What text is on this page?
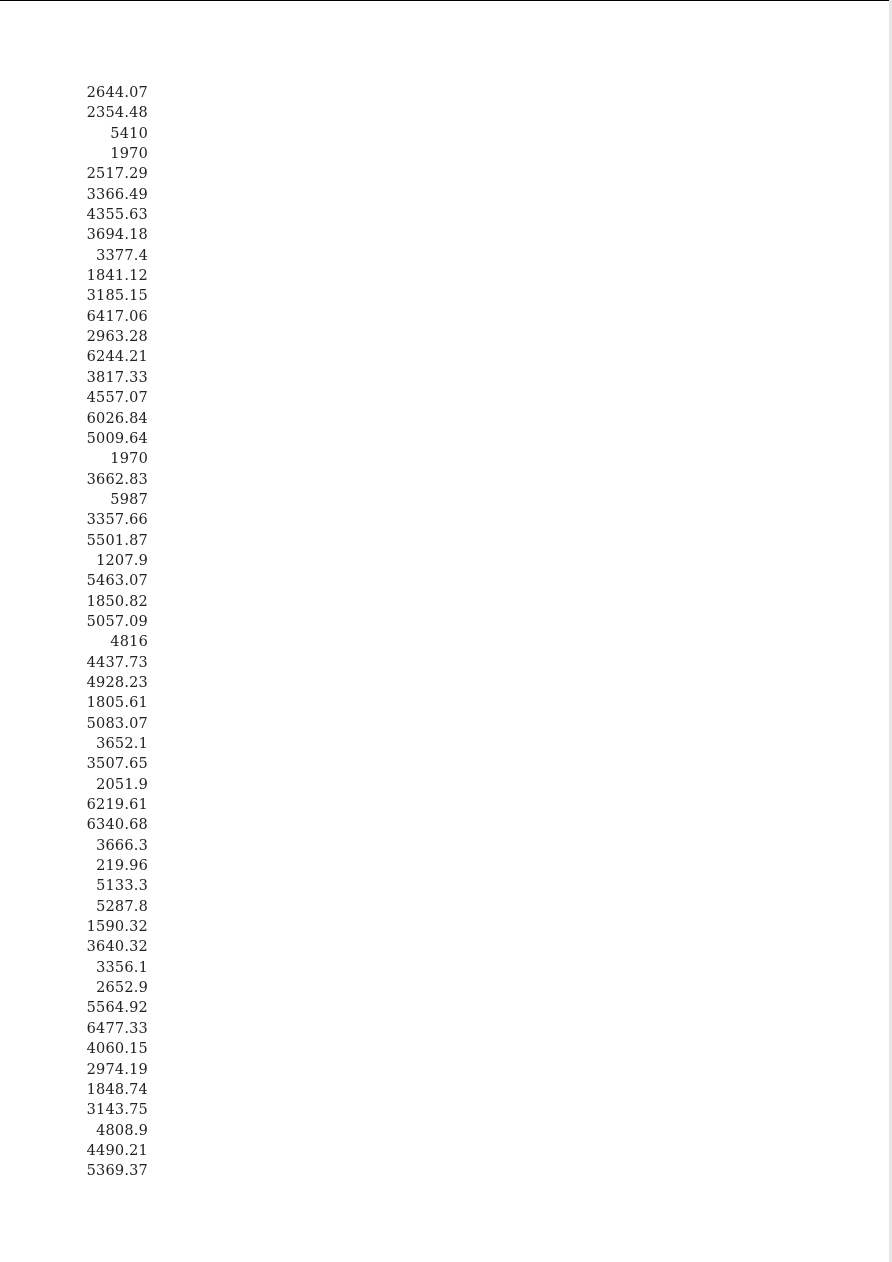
2644.07
2354.48
5410
1970
2517.29
3366.49
4355.63
3694.18
3377.4
1841.12
3185.15
6417.06
2963.28
6244.21
3817.33
4557.07
6026.84
5009.64
1970
3662.83
5987
3357.66
5501.87
1207.9
5463.07
1850.82
5057.09
4816
4437.73
4928.23
1805.61
5083.07
3652.1
3507.65
2051.9
6219.61
6340.68
3666.3
219.96
5133.3
5287.8
1590.32
3640.32
3356.1
2652.9
5564.92
6477.33
4060.15
2974.19
1848.74
3143.75
4808.9
4490.21
5369.37
